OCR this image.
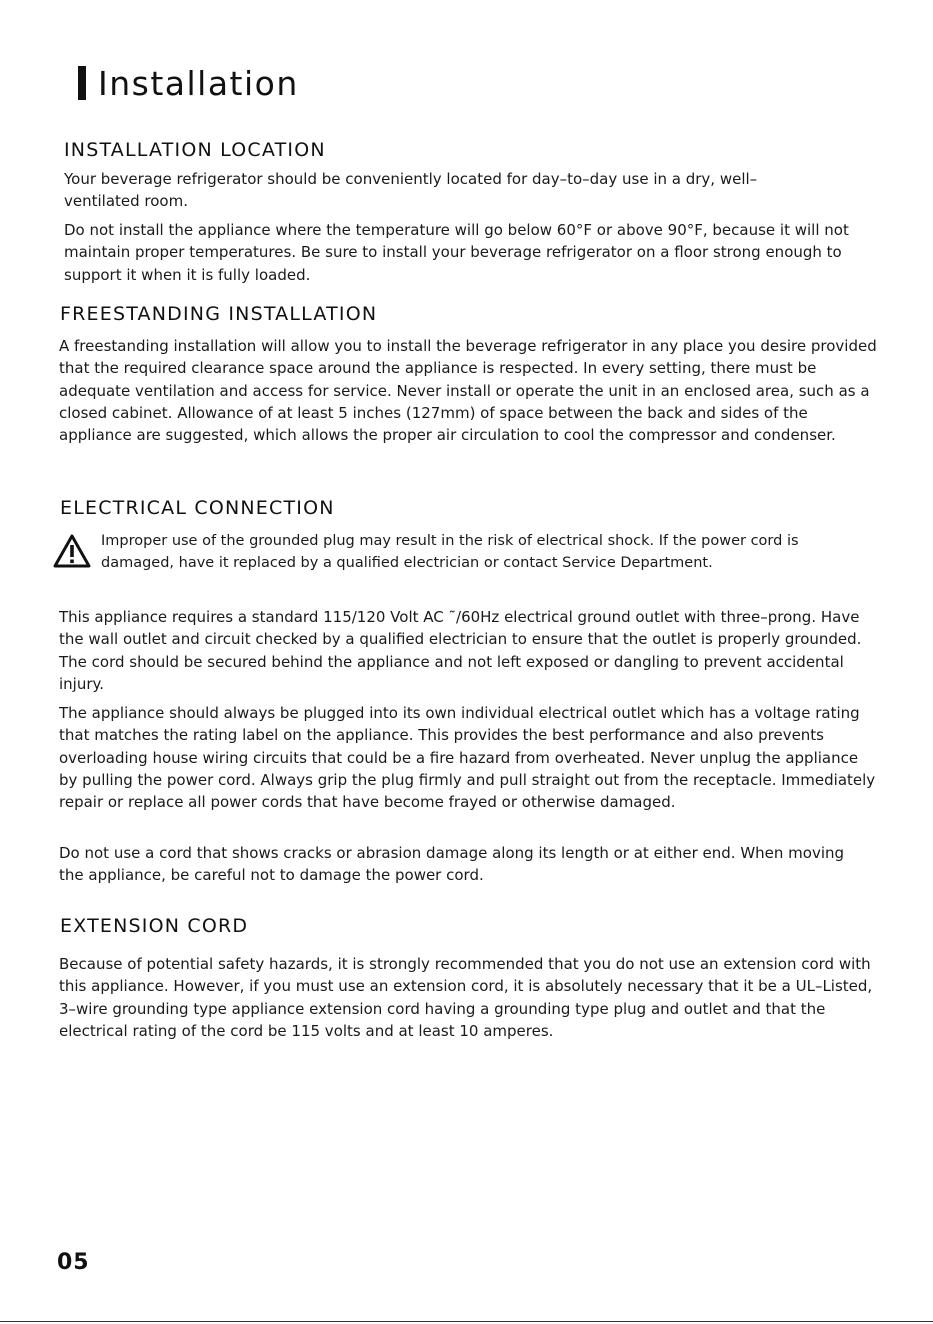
Installation
INSTALLATION LOCATION

Your beverage refrigerator should be conveniently located for day–to–day use in a dry, well–ventilated room.

Do not install the appliance where the temperature will go below 60°F or above 90°F, because it will not maintain proper temperatures. Be sure to install your beverage refrigerator on a floor strong enough to support it when it is fully loaded.

FREESTANDING INSTALLATION

A freestanding installation will allow you to install the beverage refrigerator in any place you desire provided that the required clearance space around the appliance is respected. In every setting, there must be adequate ventilation and access for service. Never install or operate the unit in an enclosed area, such as a closed cabinet. Allowance of at least 5 inches (127mm) of space between the back and sides of the appliance are suggested, which allows the proper air circulation to cool the compressor and condenser.

ELECTRICAL CONNECTION

Improper use of the grounded plug may result in the risk of electrical shock. If the power cord is damaged, have it replaced by a qualified electrician or contact Service Department.

This appliance requires a standard 115/120 Volt AC ˜/60Hz electrical ground outlet with three–prong. Have the wall outlet and circuit checked by a qualified electrician to ensure that the outlet is properly grounded. The cord should be secured behind the appliance and not left exposed or dangling to prevent accidental injury.

The appliance should always be plugged into its own individual electrical outlet which has a voltage rating that matches the rating label on the appliance. This provides the best performance and also prevents overloading house wiring circuits that could be a fire hazard from overheated. Never unplug the appliance by pulling the power cord. Always grip the plug firmly and pull straight out from the receptacle. Immediately repair or replace all power cords that have become frayed or otherwise damaged.

Do not use a cord that shows cracks or abrasion damage along its length or at either end. When moving the appliance, be careful not to damage the power cord.

EXTENSION CORD

Because of potential safety hazards, it is strongly recommended that you do not use an extension cord with this appliance. However, if you must use an extension cord, it is absolutely necessary that it be a UL–Listed, 3–wire grounding type appliance extension cord having a grounding type plug and outlet and that the electrical rating of the cord be 115 volts and at least 10 amperes.

05
